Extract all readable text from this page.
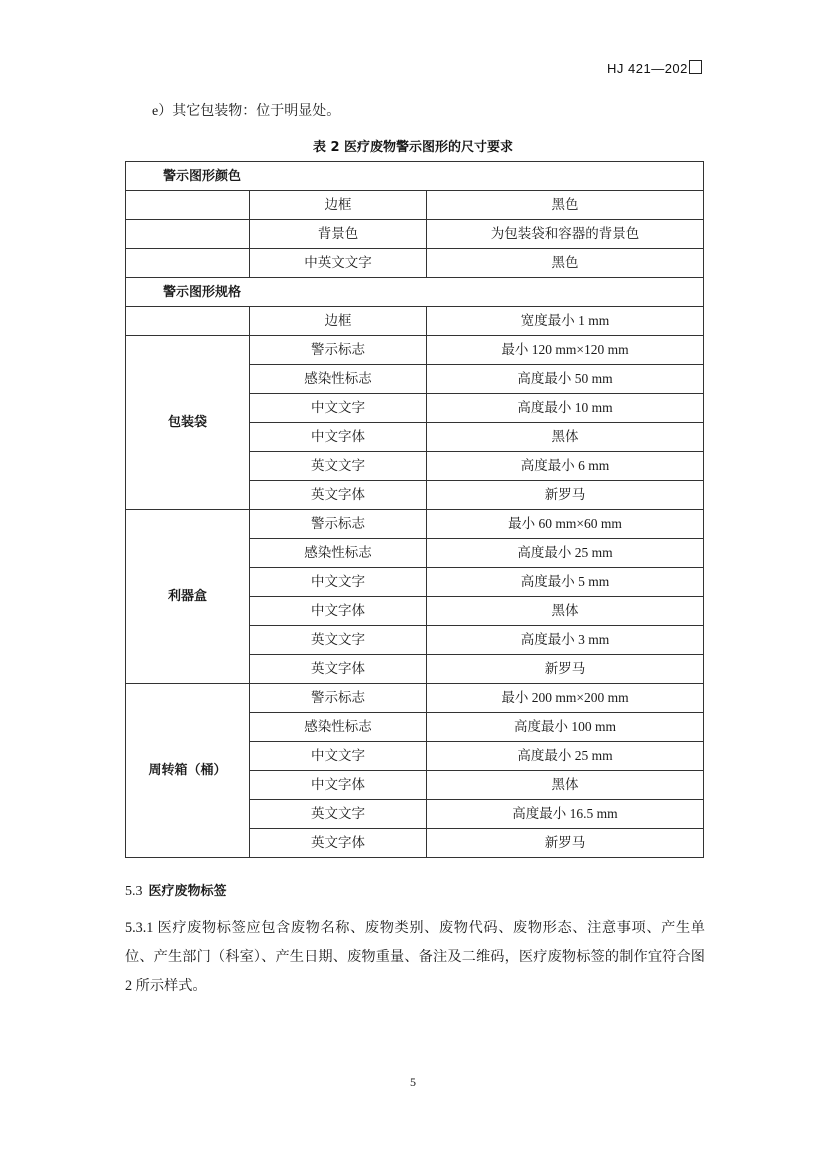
HJ 421—202
e）其它包装物：位于明显处。
表 2 医疗废物警示图形的尺寸要求
警示图形颜色		
	边框	黑色
	背景色	为包装袋和容器的背景色
	中英文文字	黑色
警示图形规格		
	边框	宽度最小 1 mm
包装袋	警示标志	最小 120 mm×120 mm
	感染性标志	高度最小 50 mm
	中文文字	高度最小 10 mm
	中文字体	黑体
	英文文字	高度最小 6 mm
	英文字体	新罗马
利器盒	警示标志	最小 60 mm×60 mm
	感染性标志	高度最小 25 mm
	中文文字	高度最小 5 mm
	中文字体	黑体
	英文文字	高度最小 3 mm
	英文字体	新罗马
周转箱（桶）	警示标志	最小 200 mm×200 mm
	感染性标志	高度最小 100 mm
	中文文字	高度最小 25 mm
	中文字体	黑体
	英文文字	高度最小 16.5 mm
	英文字体	新罗马
5.3 医疗废物标签
5.3.1 医疗废物标签应包含废物名称、废物类别、废物代码、废物形态、注意事项、产生单位、产生部门（科室）、产生日期、废物重量、备注及二维码，医疗废物标签的制作宜符合图 2 所示样式。
5
